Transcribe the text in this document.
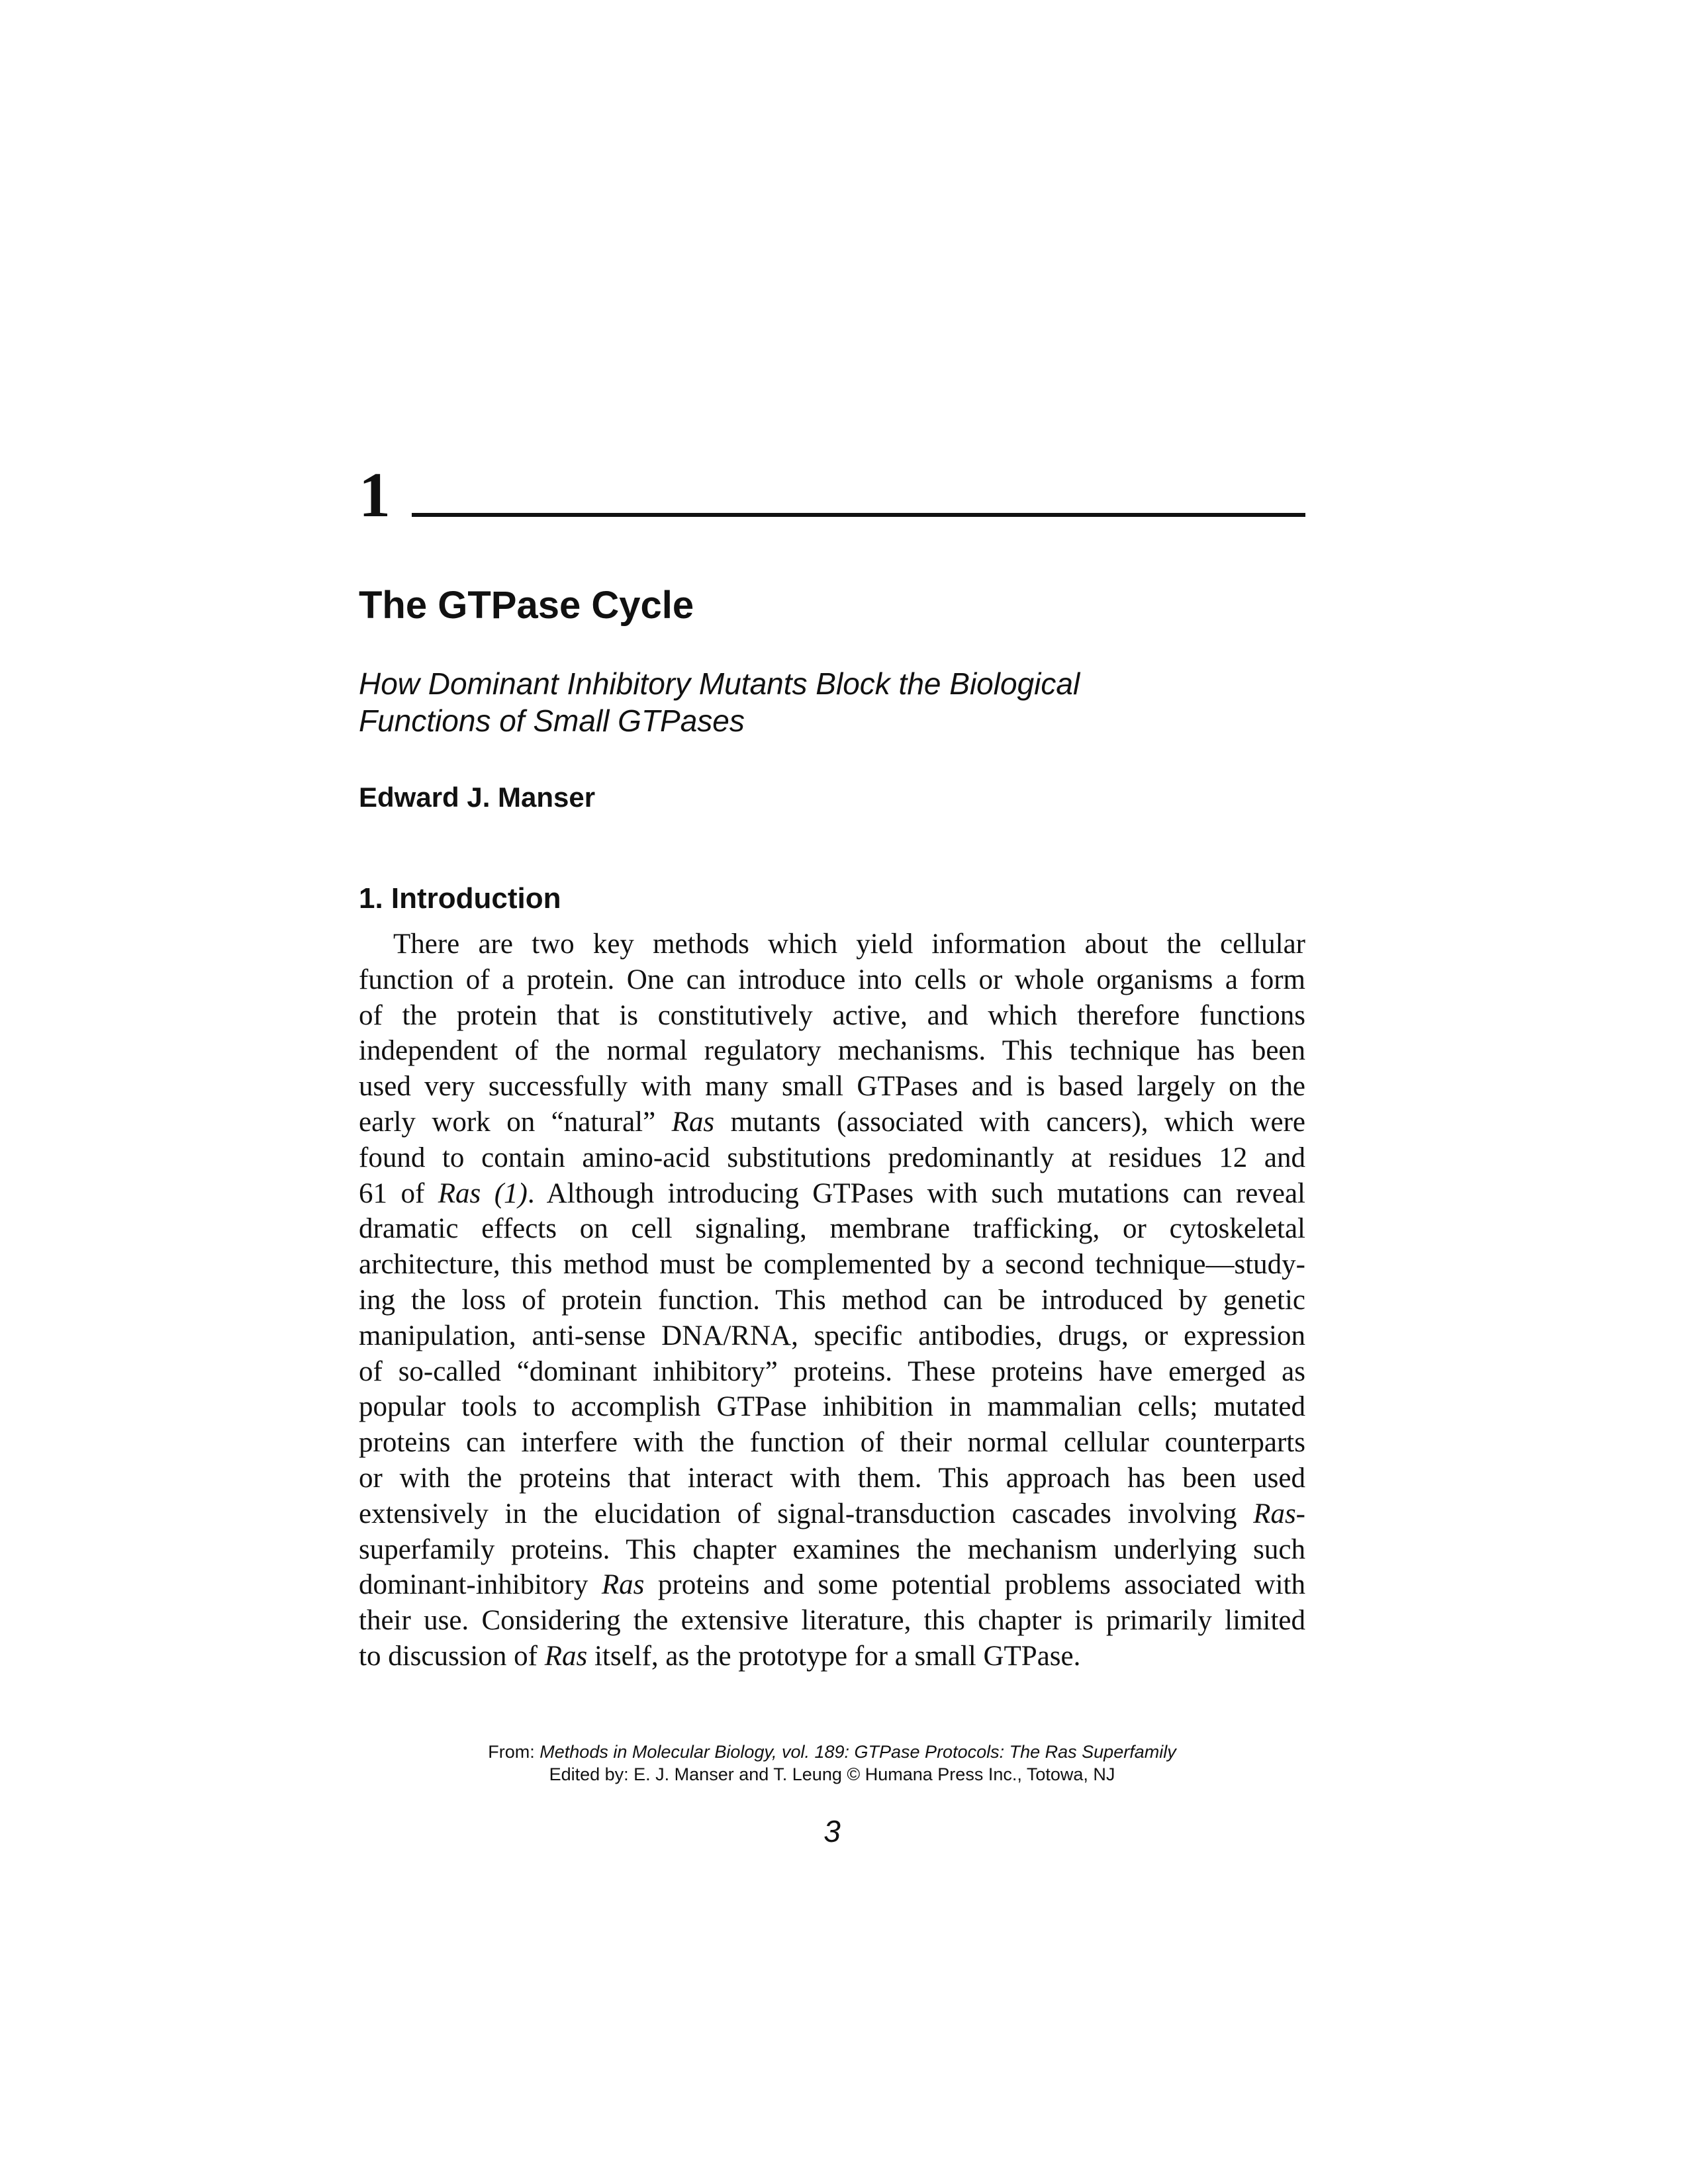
1
The GTPase Cycle
How Dominant Inhibitory Mutants Block the Biological
Functions of Small GTPases
Edward J. Manser
1. Introduction
There are two key methods which yield information about the cellular
function of a protein. One can introduce into cells or whole organisms a form
of the protein that is constitutively active, and which therefore functions
independent of the normal regulatory mechanisms. This technique has been
used very successfully with many small GTPases and is based largely on the
early work on “natural” Ras mutants (associated with cancers), which were
found to contain amino-acid substitutions predominantly at residues 12 and
61 of Ras (1). Although introducing GTPases with such mutations can reveal
dramatic effects on cell signaling, membrane trafficking, or cytoskeletal
architecture, this method must be complemented by a second technique—study-
ing the loss of protein function. This method can be introduced by genetic
manipulation, anti-sense DNA/RNA, specific antibodies, drugs, or expression
of so-called “dominant inhibitory” proteins. These proteins have emerged as
popular tools to accomplish GTPase inhibition in mammalian cells; mutated
proteins can interfere with the function of their normal cellular counterparts
or with the proteins that interact with them. This approach has been used
extensively in the elucidation of signal-transduction cascades involving Ras-
superfamily proteins. This chapter examines the mechanism underlying such
dominant-inhibitory Ras proteins and some potential problems associated with
their use. Considering the extensive literature, this chapter is primarily limited
to discussion of Ras itself, as the prototype for a small GTPase.
From: Methods in Molecular Biology, vol. 189: GTPase Protocols: The Ras Superfamily
Edited by: E. J. Manser and T. Leung © Humana Press Inc., Totowa, NJ
3
